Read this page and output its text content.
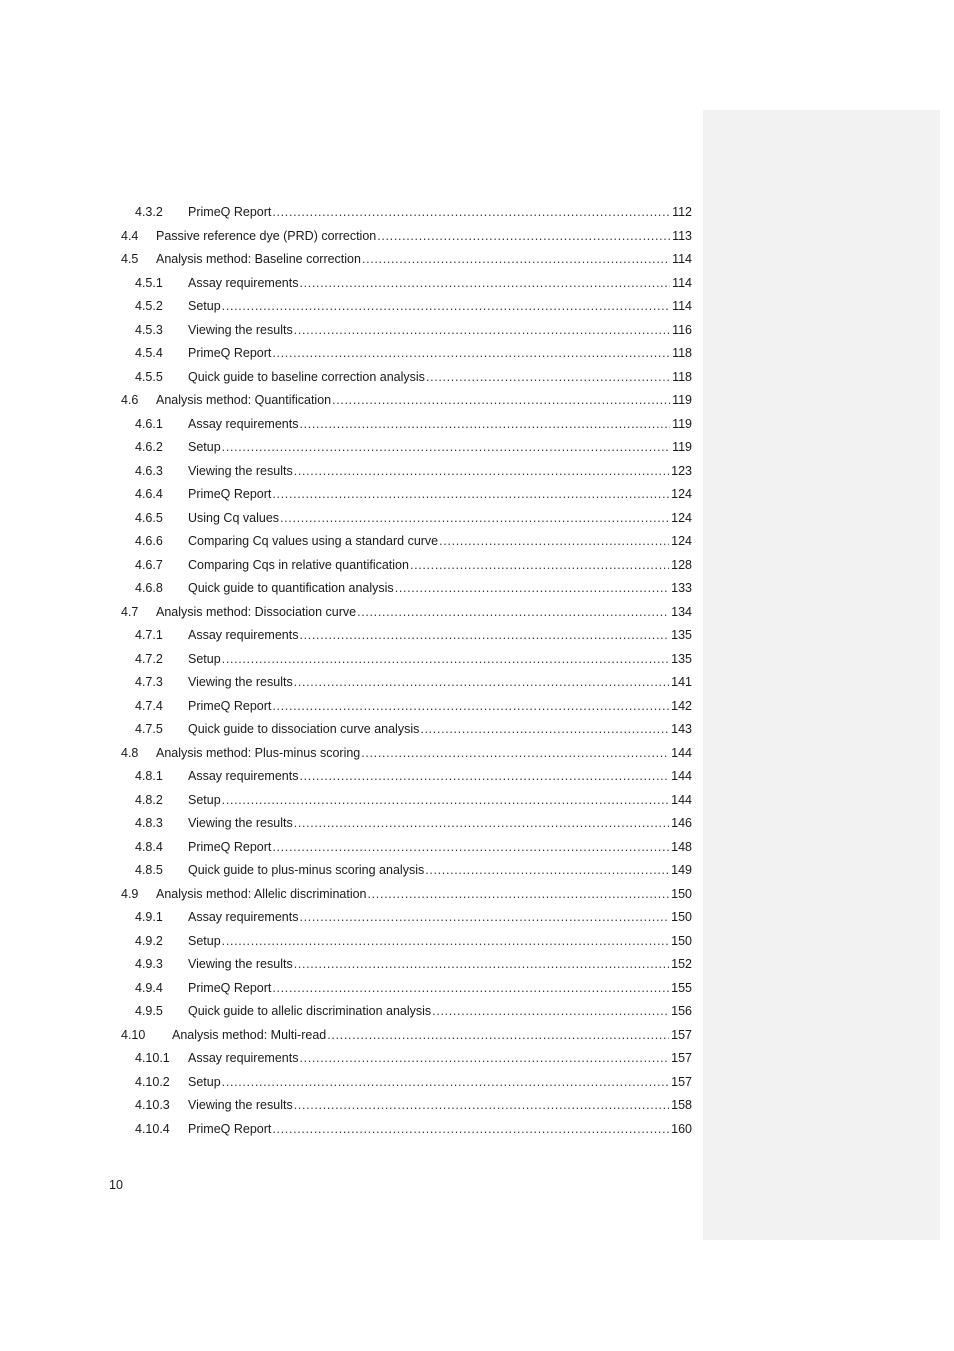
4.3.2 PrimeQ Report . . .	112
4.4 Passive reference dye (PRD) correction . . .	113
4.5 Analysis method: Baseline correction . . .	114
4.5.1 Assay requirements . . .	114
4.5.2 Setup . . .	114
4.5.3 Viewing the results . . .	116
4.5.4 PrimeQ Report . . .	118
4.5.5 Quick guide to baseline correction analysis . . .	118
4.6 Analysis method: Quantification . . .	119
4.6.1 Assay requirements . . .	119
4.6.2 Setup . . .	119
4.6.3 Viewing the results . . .	123
4.6.4 PrimeQ Report . . .	124
4.6.5 Using Cq values . . .	124
4.6.6 Comparing Cq values using a standard curve . . .	124
4.6.7 Comparing Cqs in relative quantification . . .	128
4.6.8 Quick guide to quantification analysis . . .	133
4.7 Analysis method: Dissociation curve . . .	134
4.7.1 Assay requirements . . .	135
4.7.2 Setup . . .	135
4.7.3 Viewing the results . . .	141
4.7.4 PrimeQ Report . . .	142
4.7.5 Quick guide to dissociation curve analysis . . .	143
4.8 Analysis method: Plus-minus scoring . . .	144
4.8.1 Assay requirements . . .	144
4.8.2 Setup . . .	144
4.8.3 Viewing the results . . .	146
4.8.4 PrimeQ Report . . .	148
4.8.5 Quick guide to plus-minus scoring analysis . . .	149
4.9 Analysis method: Allelic discrimination . . .	150
4.9.1 Assay requirements . . .	150
4.9.2 Setup . . .	150
4.9.3 Viewing the results . . .	152
4.9.4 PrimeQ Report . . .	155
4.9.5 Quick guide to allelic discrimination analysis . . .	156
4.10 Analysis method: Multi-read . . .	157
4.10.1 Assay requirements . . .	157
4.10.2 Setup . . .	157
4.10.3 Viewing the results . . .	158
4.10.4 PrimeQ Report . . .	160
10
